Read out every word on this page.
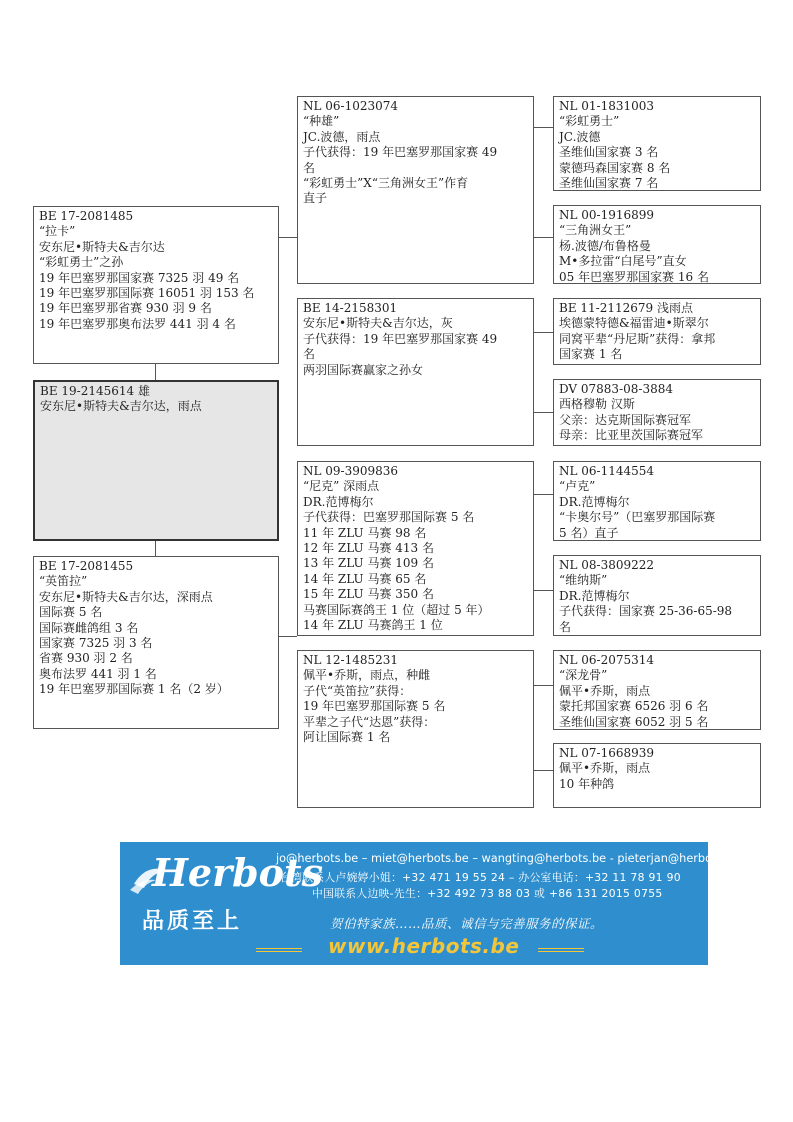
BE 17-2081485
“拉卡”
安东尼•斯特夫&吉尔达
“彩虹勇士”之孙
19 年巴塞罗那国家赛 7325 羽 49 名
19 年巴塞罗那国际赛 16051 羽 153 名
19 年巴塞罗那省赛 930 羽 9 名
19 年巴塞罗那奥布法罗 441 羽 4 名
BE 19-2145614 雄
安东尼•斯特夫&吉尔达，雨点
BE 17-2081455
“英笛拉”
安东尼•斯特夫&吉尔达，深雨点
国际赛 5 名
国际赛雌鸽组 3 名
国家赛 7325 羽 3 名
省赛 930 羽 2 名
奥布法罗 441 羽 1 名
19 年巴塞罗那国际赛 1 名（2 岁）
NL 06-1023074
“种雄”
JC.波德，雨点
子代获得：19 年巴塞罗那国家赛 49
名
“彩虹勇士”X“三角洲女王”作育
直子
BE 14-2158301
安东尼•斯特夫&吉尔达，灰
子代获得：19 年巴塞罗那国家赛 49
名
两羽国际赛赢家之孙女
NL 09-3909836
“尼克” 深雨点
DR.范博梅尔
子代获得：巴塞罗那国际赛 5 名
11 年 ZLU 马赛 98 名
12 年 ZLU 马赛 413 名
13 年 ZLU 马赛 109 名
14 年 ZLU 马赛 65 名
15 年 ZLU 马赛 350 名
马赛国际赛鸽王 1 位（超过 5 年）
14 年 ZLU 马赛鸽王 1 位
NL 12-1485231
佩平•乔斯，雨点，种雌
子代“英笛拉”获得：
19 年巴塞罗那国际赛 5 名
平辈之子代“达恩”获得：
阿让国际赛 1 名
NL 01-1831003
“彩虹勇士”
JC.波德
圣维仙国家赛 3 名
蒙德玛森国家赛 8 名
圣维仙国家赛 7 名
NL 00-1916899
“三角洲女王”
杨.波德/布鲁格曼
M•多拉雷“白尾号”直女
05 年巴塞罗那国家赛 16 名
BE 11-2112679 浅雨点
埃德蒙特德&福雷迪•斯翠尔
同窝平辈“丹尼斯”获得：拿邦
国家赛 1 名
DV 07883-08-3884
西格穆勒 汉斯
父亲：达克斯国际赛冠军
母亲：比亚里茨国际赛冠军
NL 06-1144554
“卢克”
DR.范博梅尔
“卡奥尔号”（巴塞罗那国际赛
5 名）直子
NL 08-3809222
“维纳斯”
DR.范博梅尔
子代获得：国家赛 25-36-65-98
名
NL 06-2075314
“深龙骨”
佩平•乔斯，雨点
蒙托邦国家赛 6526 羽 6 名
圣维仙国家赛 6052 羽 5 名
NL 07-1668939
佩平•乔斯，雨点
10 年种鸽
Herbots
品质至上
jo@herbots.be – miet@herbots.be – wangting@herbots.be - pieterjan@herbots.be
台湾联系人卢婉婷小姐：+32 471 19 55 24 – 办公室电话：+32 11 78 91 90
中国联系人边映-先生：+32 492 73 88 03 或 +86 131 2015 0755
贺伯特家族……品质、诚信与完善服务的保证。
www.herbots.be
